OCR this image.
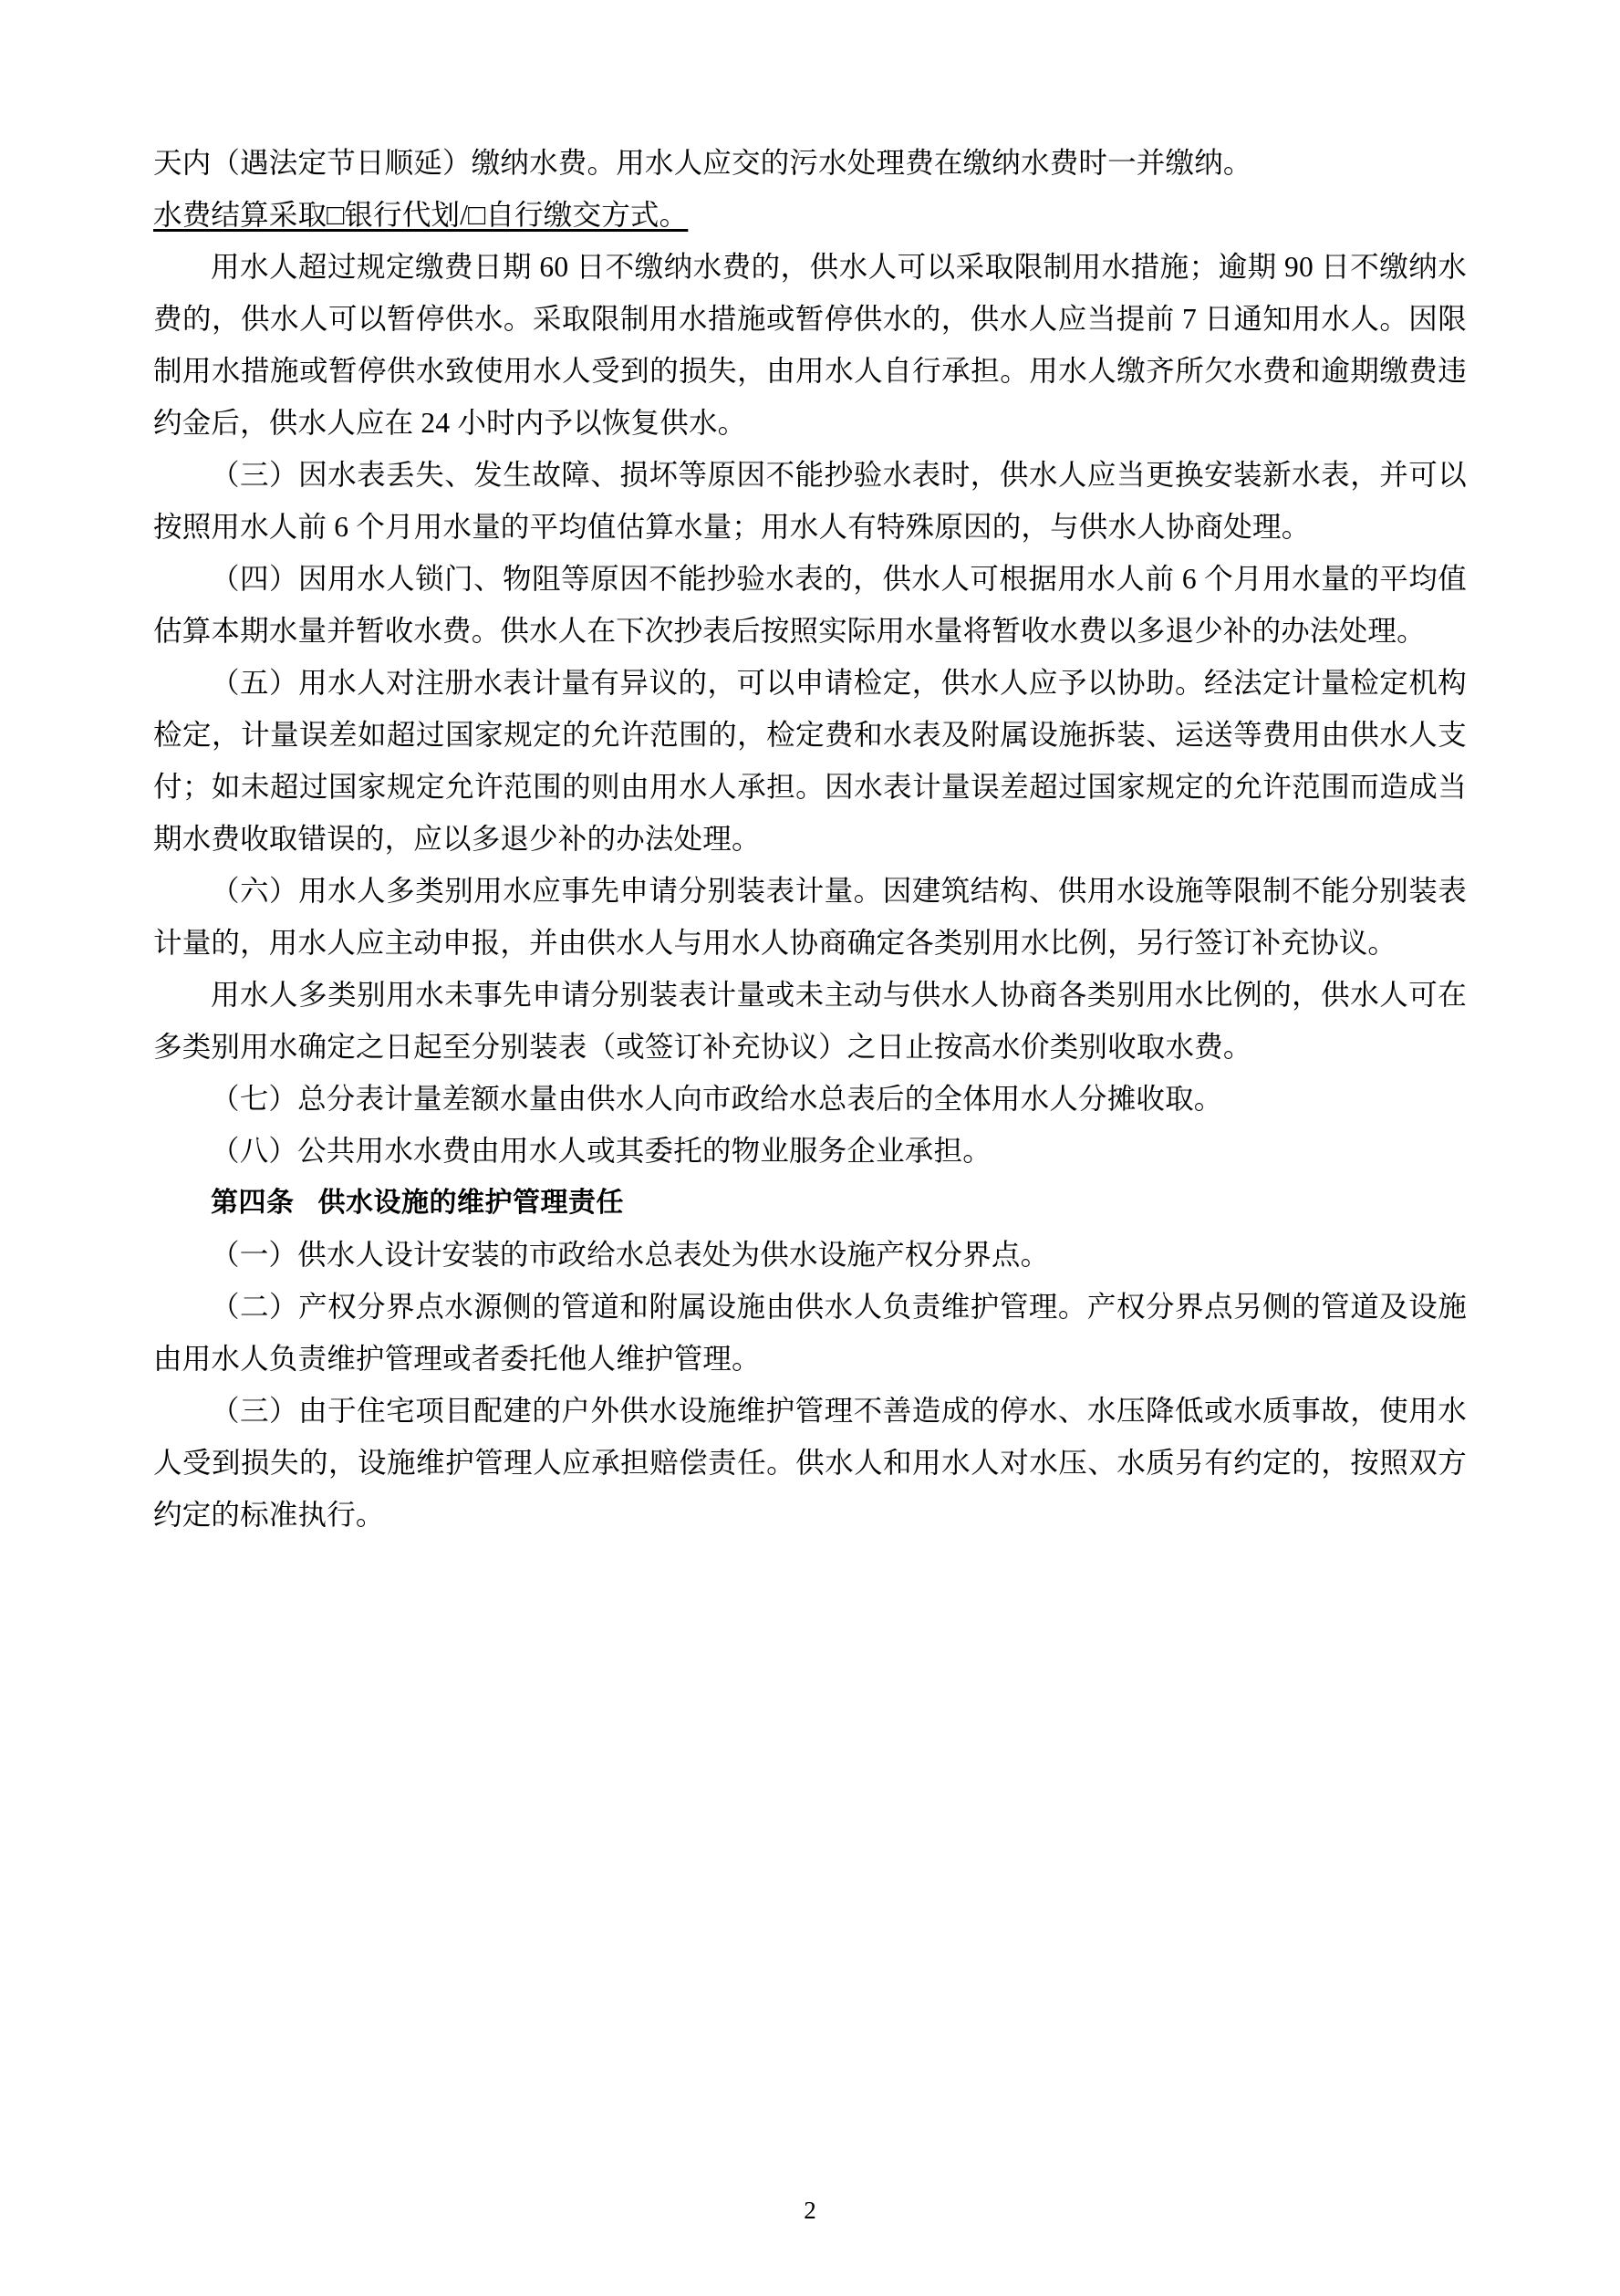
天内（遇法定节日顺延）缴纳水费。用水人应交的污水处理费在缴纳水费时一并缴纳。

水费结算采取□银行代划/□自行缴交方式。

用水人超过规定缴费日期 60 日不缴纳水费的，供水人可以采取限制用水措施；逾期 90 日不缴纳水费的，供水人可以暂停供水。采取限制用水措施或暂停供水的，供水人应当提前 7 日通知用水人。因限制用水措施或暂停供水致使用水人受到的损失，由用水人自行承担。用水人缴齐所欠水费和逾期缴费违约金后，供水人应在 24 小时内予以恢复供水。

（三）因水表丢失、发生故障、损坏等原因不能抄验水表时，供水人应当更换安装新水表，并可以按照用水人前 6 个月用水量的平均值估算水量；用水人有特殊原因的，与供水人协商处理。

（四）因用水人锁门、物阻等原因不能抄验水表的，供水人可根据用水人前 6 个月用水量的平均值估算本期水量并暂收水费。供水人在下次抄表后按照实际用水量将暂收水费以多退少补的办法处理。

（五）用水人对注册水表计量有异议的，可以申请检定，供水人应予以协助。经法定计量检定机构检定，计量误差如超过国家规定的允许范围的，检定费和水表及附属设施拆装、运送等费用由供水人支付；如未超过国家规定允许范围的则由用水人承担。因水表计量误差超过国家规定的允许范围而造成当期水费收取错误的，应以多退少补的办法处理。

（六）用水人多类别用水应事先申请分别装表计量。因建筑结构、供用水设施等限制不能分别装表计量的，用水人应主动申报，并由供水人与用水人协商确定各类别用水比例，另行签订补充协议。

用水人多类别用水未事先申请分别装表计量或未主动与供水人协商各类别用水比例的，供水人可在多类别用水确定之日起至分别装表（或签订补充协议）之日止按高水价类别收取水费。

（七）总分表计量差额水量由供水人向市政给水总表后的全体用水人分摊收取。

（八）公共用水水费由用水人或其委托的物业服务企业承担。

第四条 供水设施的维护管理责任

（一）供水人设计安装的市政给水总表处为供水设施产权分界点。

（二）产权分界点水源侧的管道和附属设施由供水人负责维护管理。产权分界点另侧的管道及设施由用水人负责维护管理或者委托他人维护管理。

（三）由于住宅项目配建的户外供水设施维护管理不善造成的停水、水压降低或水质事故，使用水人受到损失的，设施维护管理人应承担赔偿责任。供水人和用水人对水压、水质另有约定的，按照双方约定的标准执行。

2
